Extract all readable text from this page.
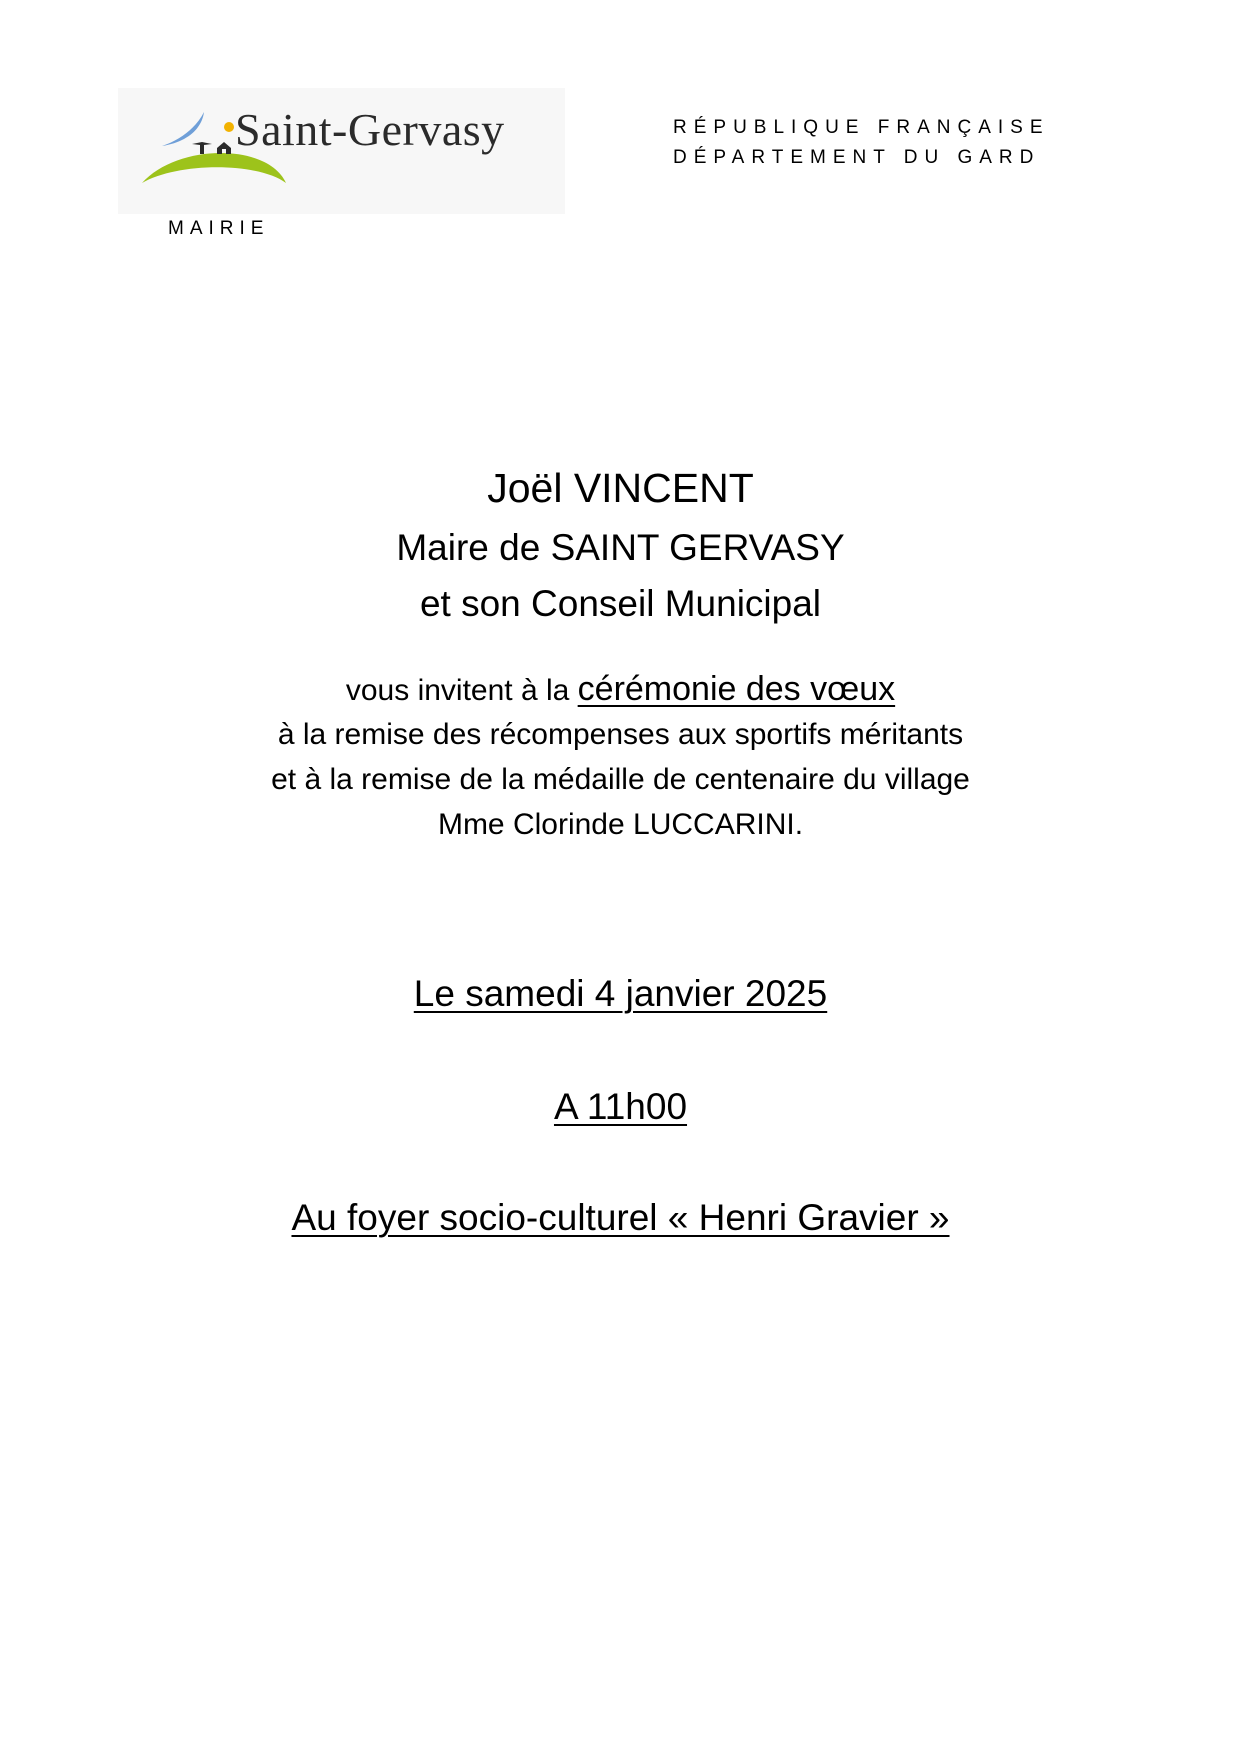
Saint-Gervasy
MAIRIE
RÉPUBLIQUE FRANÇAISE
DÉPARTEMENT DU GARD
Joël VINCENT
Maire de SAINT GERVASY
et son Conseil Municipal
vous invitent à la cérémonie des vœux
à la remise des récompenses aux sportifs méritants
et à la remise de la médaille de centenaire du village
Mme Clorinde LUCCARINI.
Le samedi 4 janvier 2025
A 11h00
Au foyer socio-culturel « Henri Gravier »
